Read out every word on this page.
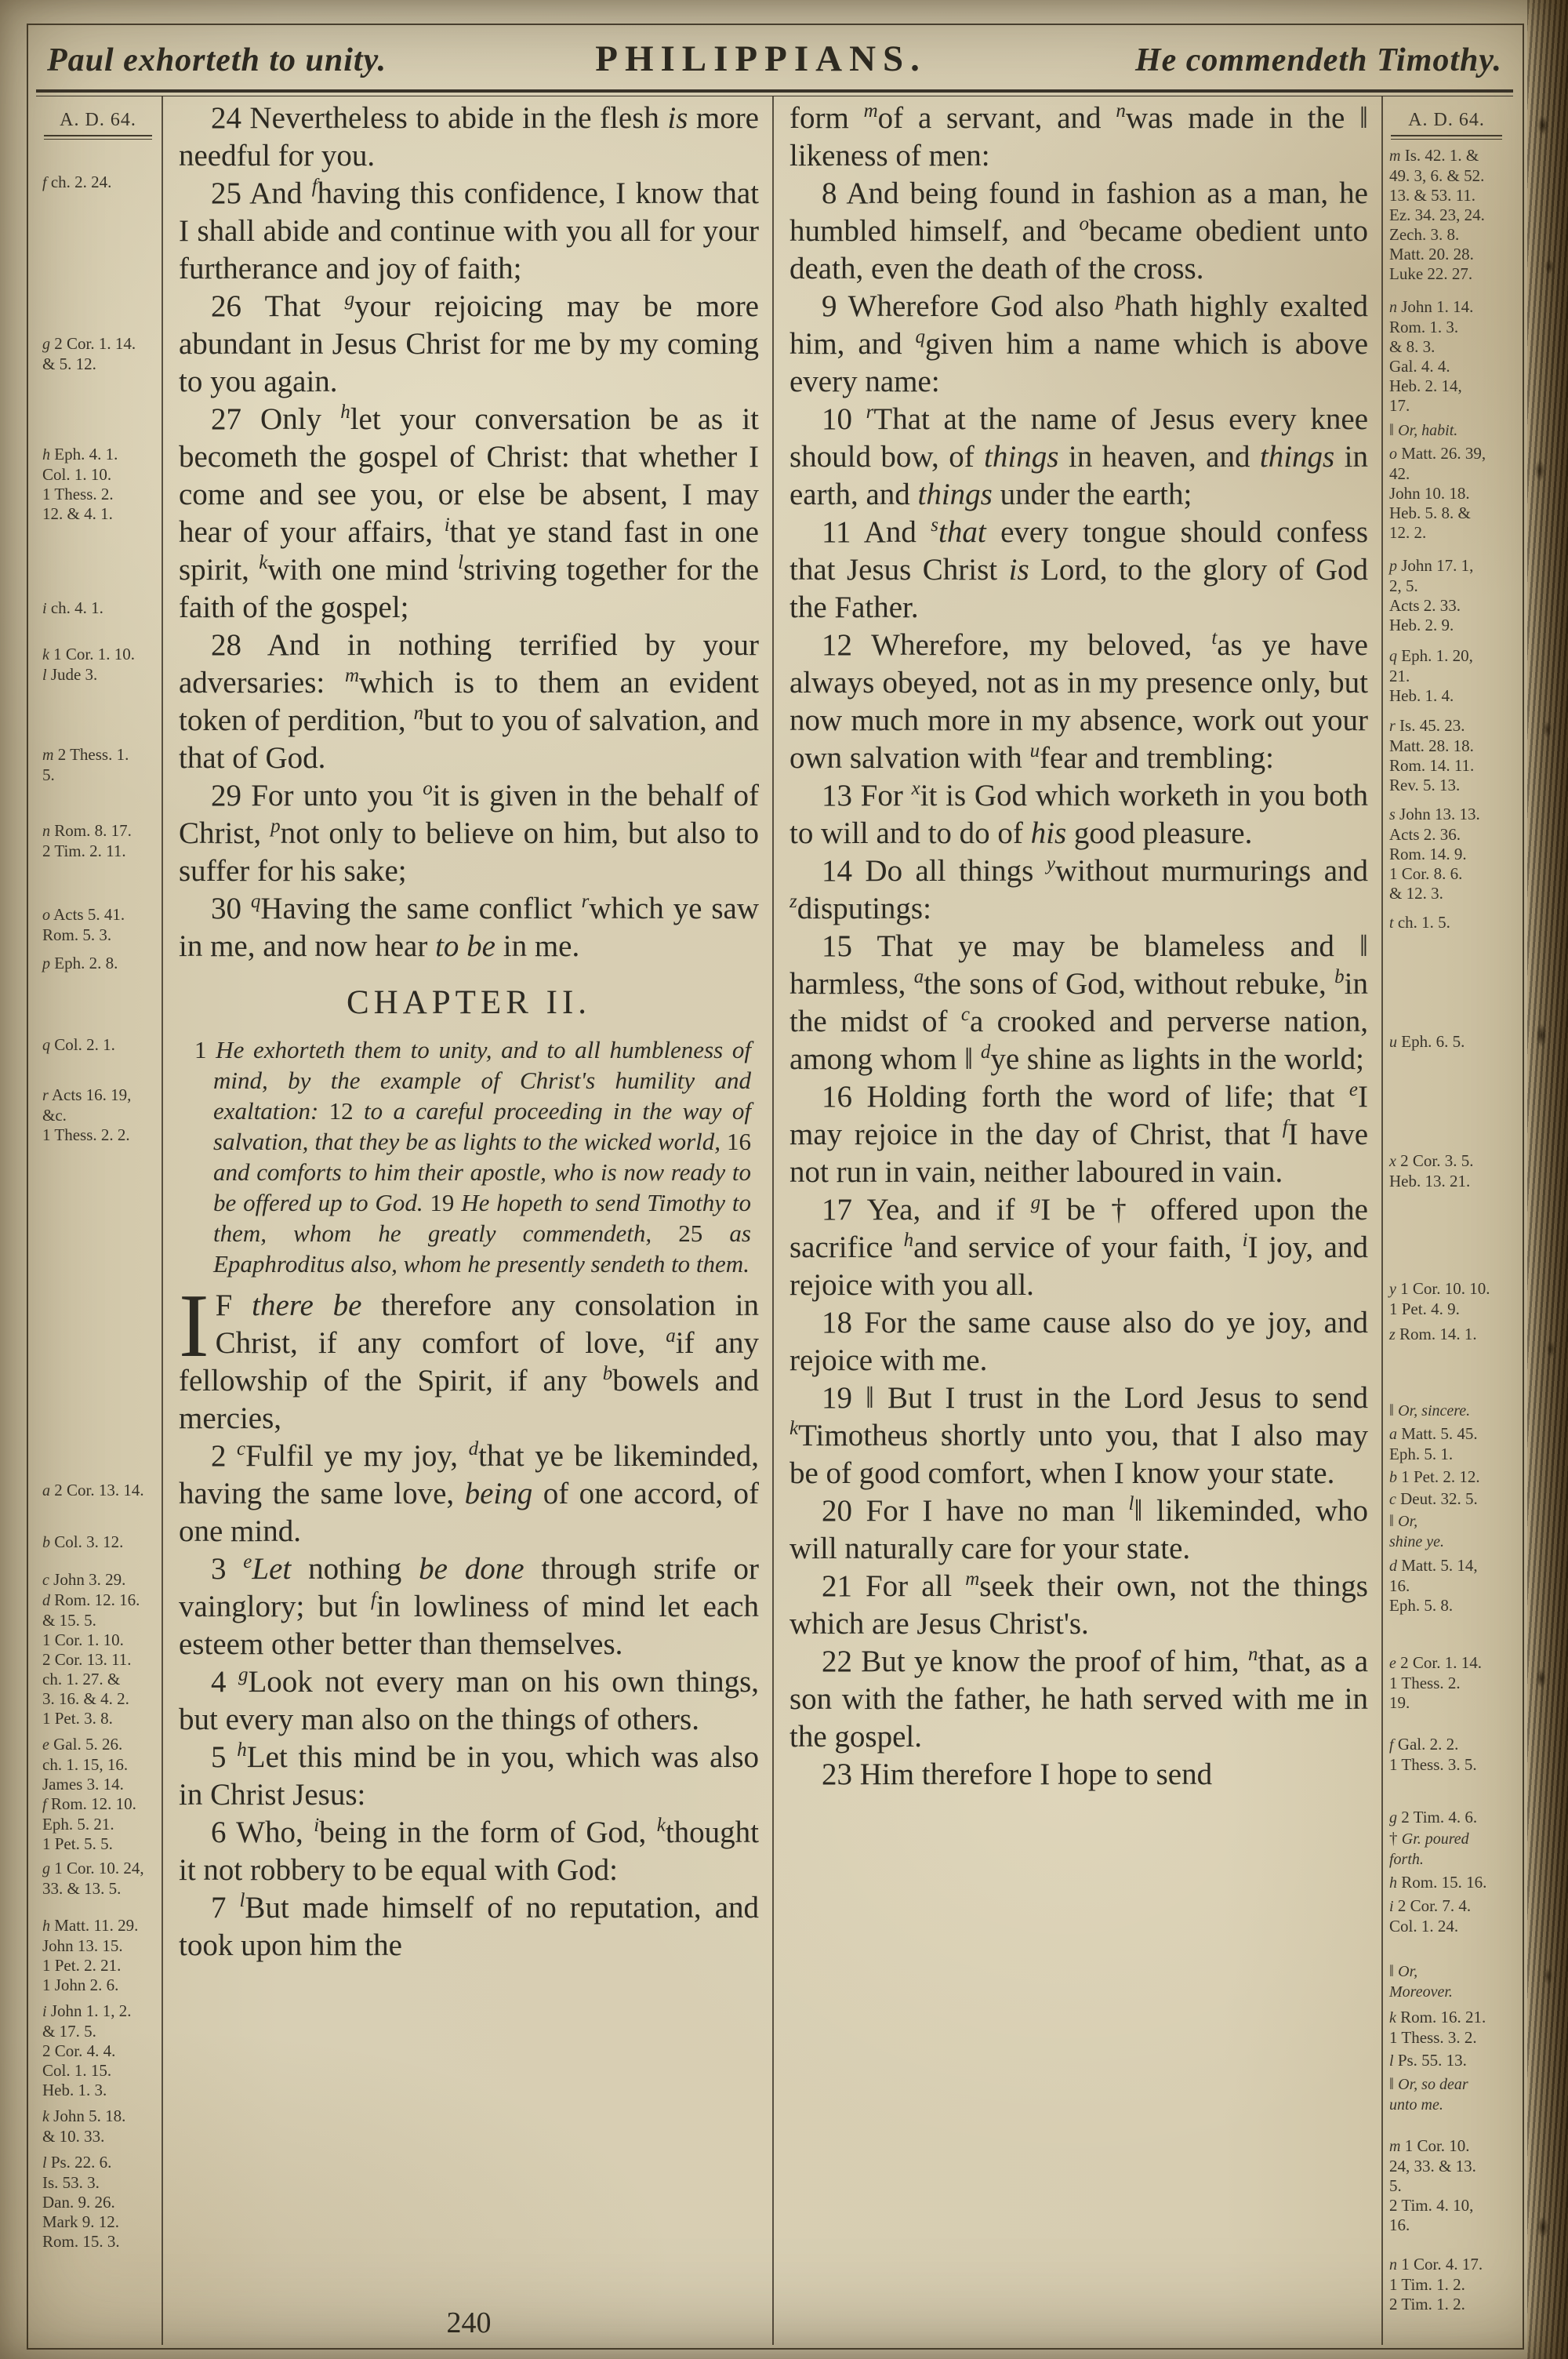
Paul exhorteth to unity.	PHILIPPIANS.	He commendeth Timothy.
A. D. 64.
f ch. 2. 24.
g 2 Cor. 1. 14.
& 5. 12.
h Eph. 4. 1.
Col. 1. 10.
1 Thess. 2.
12. & 4. 1.
i ch. 4. 1.
k 1 Cor. 1. 10.
l Jude 3.
m 2 Thess. 1.
5.
n Rom. 8. 17.
2 Tim. 2. 11.
o Acts 5. 41.
Rom. 5. 3.
p Eph. 2. 8.
q Col. 2. 1.
r Acts 16. 19,
&c.
1 Thess. 2. 2.
a 2 Cor. 13. 14.
b Col. 3. 12.
c John 3. 29.
d Rom. 12. 16.
& 15. 5.
1 Cor. 1. 10.
2 Cor. 13. 11.
ch. 1. 27. &
3. 16. & 4. 2.
1 Pet. 3. 8.
e Gal. 5. 26.
ch. 1. 15, 16.
James 3. 14.
f Rom. 12. 10.
Eph. 5. 21.
1 Pet. 5. 5.
g 1 Cor. 10. 24,
33. & 13. 5.
h Matt. 11. 29.
John 13. 15.
1 Pet. 2. 21.
1 John 2. 6.
i John 1. 1, 2.
& 17. 5.
2 Cor. 4. 4.
Col. 1. 15.
Heb. 1. 3.
k John 5. 18.
& 10. 33.
l Ps. 22. 6.
Is. 53. 3.
Dan. 9. 26.
Mark 9. 12.
Rom. 15. 3.

24 Nevertheless to abide in the flesh is more needful for you.

25 And $^f$having this confidence, I know that I shall abide and continue with you all for your furtherance and joy of faith;

26 That $^g$your rejoicing may be more abundant in Jesus Christ for me by my coming to you again.

27 Only $^h$let your conversation be as it becometh the gospel of Christ: that whether I come and see you, or else be absent, I may hear of your affairs, $^i$that ye stand fast in one spirit, $^k$with one mind $^l$striving together for the faith of the gospel;

28 And in nothing terrified by your adversaries: $^m$which is to them an evident token of perdition, $^n$but to you of salvation, and that of God.

29 For unto you $^o$it is given in the behalf of Christ, $^p$not only to believe on him, but also to suffer for his sake;

30 $^q$Having the same conflict $^r$which ye saw in me, and now hear to be in me.

CHAPTER II.

1 He exhorteth them to unity, and to all humbleness of mind, by the example of Christ's humility and exaltation: 12 to a careful proceeding in the way of salvation, that they be as lights to the wicked world, 16 and comforts to him their apostle, who is now ready to be offered up to God. 19 He hopeth to send Timothy to them, whom he greatly commendeth, 25 as Epaphroditus also, whom he presently sendeth to them.

I F there be therefore any consolation in Christ, if any comfort of love, $^a$if any fellowship of the Spirit, if any $^b$bowels and mercies,

2 $^c$Fulfil ye my joy, $^d$that ye be likeminded, having the same love, being of one accord, of one mind.

3 $^e$Let nothing be done through strife or vainglory; but $^f$in lowliness of mind let each esteem other better than themselves.

4 $^g$Look not every man on his own things, but every man also on the things of others.

5 $^h$Let this mind be in you, which was also in Christ Jesus:

6 Who, $^i$being in the form of God, $^k$thought it not robbery to be equal with God:

7 $^l$But made himself of no reputation, and took upon him the

240

form $^m$of a servant, and $^n$was made in the ‖ likeness of men:

8 And being found in fashion as a man, he humbled himself, and $^o$became obedient unto death, even the death of the cross.

9 Wherefore God also $^p$hath highly exalted him, and $^q$given him a name which is above every name:

10 $^r$That at the name of Jesus every knee should bow, of things in heaven, and things in earth, and things under the earth;

11 And $^s$that every tongue should confess that Jesus Christ is Lord, to the glory of God the Father.

12 Wherefore, my beloved, $^t$as ye have always obeyed, not as in my presence only, but now much more in my absence, work out your own salvation with $^u$fear and trembling:

13 For $^x$it is God which worketh in you both to will and to do of his good pleasure.

14 Do all things $^y$without murmurings and $^z$disputings:

15 That ye may be blameless and ‖ harmless, $^a$the sons of God, without rebuke, $^b$in the midst of $^c$a crooked and perverse nation, among whom ‖ $^d$ye shine as lights in the world;

16 Holding forth the word of life; that $^e$I may rejoice in the day of Christ, that $^f$I have not run in vain, neither laboured in vain.

17 Yea, and if $^g$I be † offered upon the sacrifice $^h$and service of your faith, $^i$I joy, and rejoice with you all.

18 For the same cause also do ye joy, and rejoice with me.

19 ‖ But I trust in the Lord Jesus to send $^k$Timotheus shortly unto you, that I also may be of good comfort, when I know your state.

20 For I have no man $^l$‖ likeminded, who will naturally care for your state.

21 For all $^m$seek their own, not the things which are Jesus Christ's.

22 But ye know the proof of him, $^n$that, as a son with the father, he hath served with me in the gospel.

23 Him therefore I hope to send

A. D. 64.
m Is. 42. 1. &
49. 3, 6. & 52.
13. & 53. 11.
Ez. 34. 23, 24.
Zech. 3. 8.
Matt. 20. 28.
Luke 22. 27.
n John 1. 14.
Rom. 1. 3.
& 8. 3.
Gal. 4. 4.
Heb. 2. 14,
17.
‖ Or, habit.
o Matt. 26. 39,
42.
John 10. 18.
Heb. 5. 8. &
12. 2.
p John 17. 1,
2, 5.
Acts 2. 33.
Heb. 2. 9.
q Eph. 1. 20,
21.
Heb. 1. 4.
r Is. 45. 23.
Matt. 28. 18.
Rom. 14. 11.
Rev. 5. 13.
s John 13. 13.
Acts 2. 36.
Rom. 14. 9.
1 Cor. 8. 6.
& 12. 3.
t ch. 1. 5.
u Eph. 6. 5.
x 2 Cor. 3. 5.
Heb. 13. 21.
y 1 Cor. 10. 10.
1 Pet. 4. 9.
z Rom. 14. 1.
‖ Or, sincere.
a Matt. 5. 45.
Eph. 5. 1.
b 1 Pet. 2. 12.
c Deut. 32. 5.
‖ Or,
shine ye.
d Matt. 5. 14,
16.
Eph. 5. 8.
e 2 Cor. 1. 14.
1 Thess. 2.
19.
f Gal. 2. 2.
1 Thess. 3. 5.
g 2 Tim. 4. 6.
† Gr. poured
forth.
h Rom. 15. 16.
i 2 Cor. 7. 4.
Col. 1. 24.
‖ Or,
Moreover.
k Rom. 16. 21.
1 Thess. 3. 2.
l Ps. 55. 13.
‖ Or, so dear
unto me.
m 1 Cor. 10.
24, 33. & 13.
5.
2 Tim. 4. 10,
16.
n 1 Cor. 4. 17.
1 Tim. 1. 2.
2 Tim. 1. 2.
